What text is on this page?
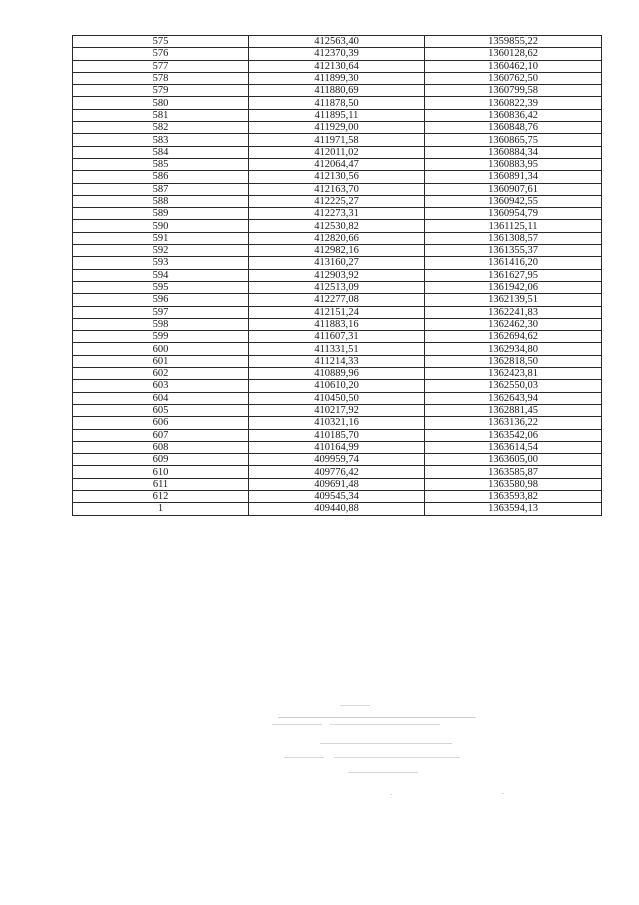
575	412563,40	1359855,22
576	412370,39	1360128,62
577	412130,64	1360462,10
578	411899,30	1360762,50
579	411880,69	1360799,58
580	411878,50	1360822,39
581	411895,11	1360836,42
582	411929,00	1360848,76
583	411971,58	1360865,75
584	412011,02	1360884,34
585	412064,47	1360883,95
586	412130,56	1360891,34
587	412163,70	1360907,61
588	412225,27	1360942,55
589	412273,31	1360954,79
590	412530,82	1361125,11
591	412820,66	1361308,57
592	412982,16	1361355,37
593	413160,27	1361416,20
594	412903,92	1361627,95
595	412513,09	1361942,06
596	412277,08	1362139,51
597	412151,24	1362241,83
598	411883,16	1362462,30
599	411607,31	1362694,62
600	411331,51	1362934,80
601	411214,33	1362818,50
602	410889,96	1362423,81
603	410610,20	1362550,03
604	410450,50	1362643,94
605	410217,92	1362881,45
606	410321,16	1363136,22
607	410185,70	1363542,06
608	410164,99	1363614,54
609	409959,74	1363605,00
610	409776,42	1363585,87
611	409691,48	1363580,98
612	409545,34	1363593,82
1	409440,88	1363594,13
